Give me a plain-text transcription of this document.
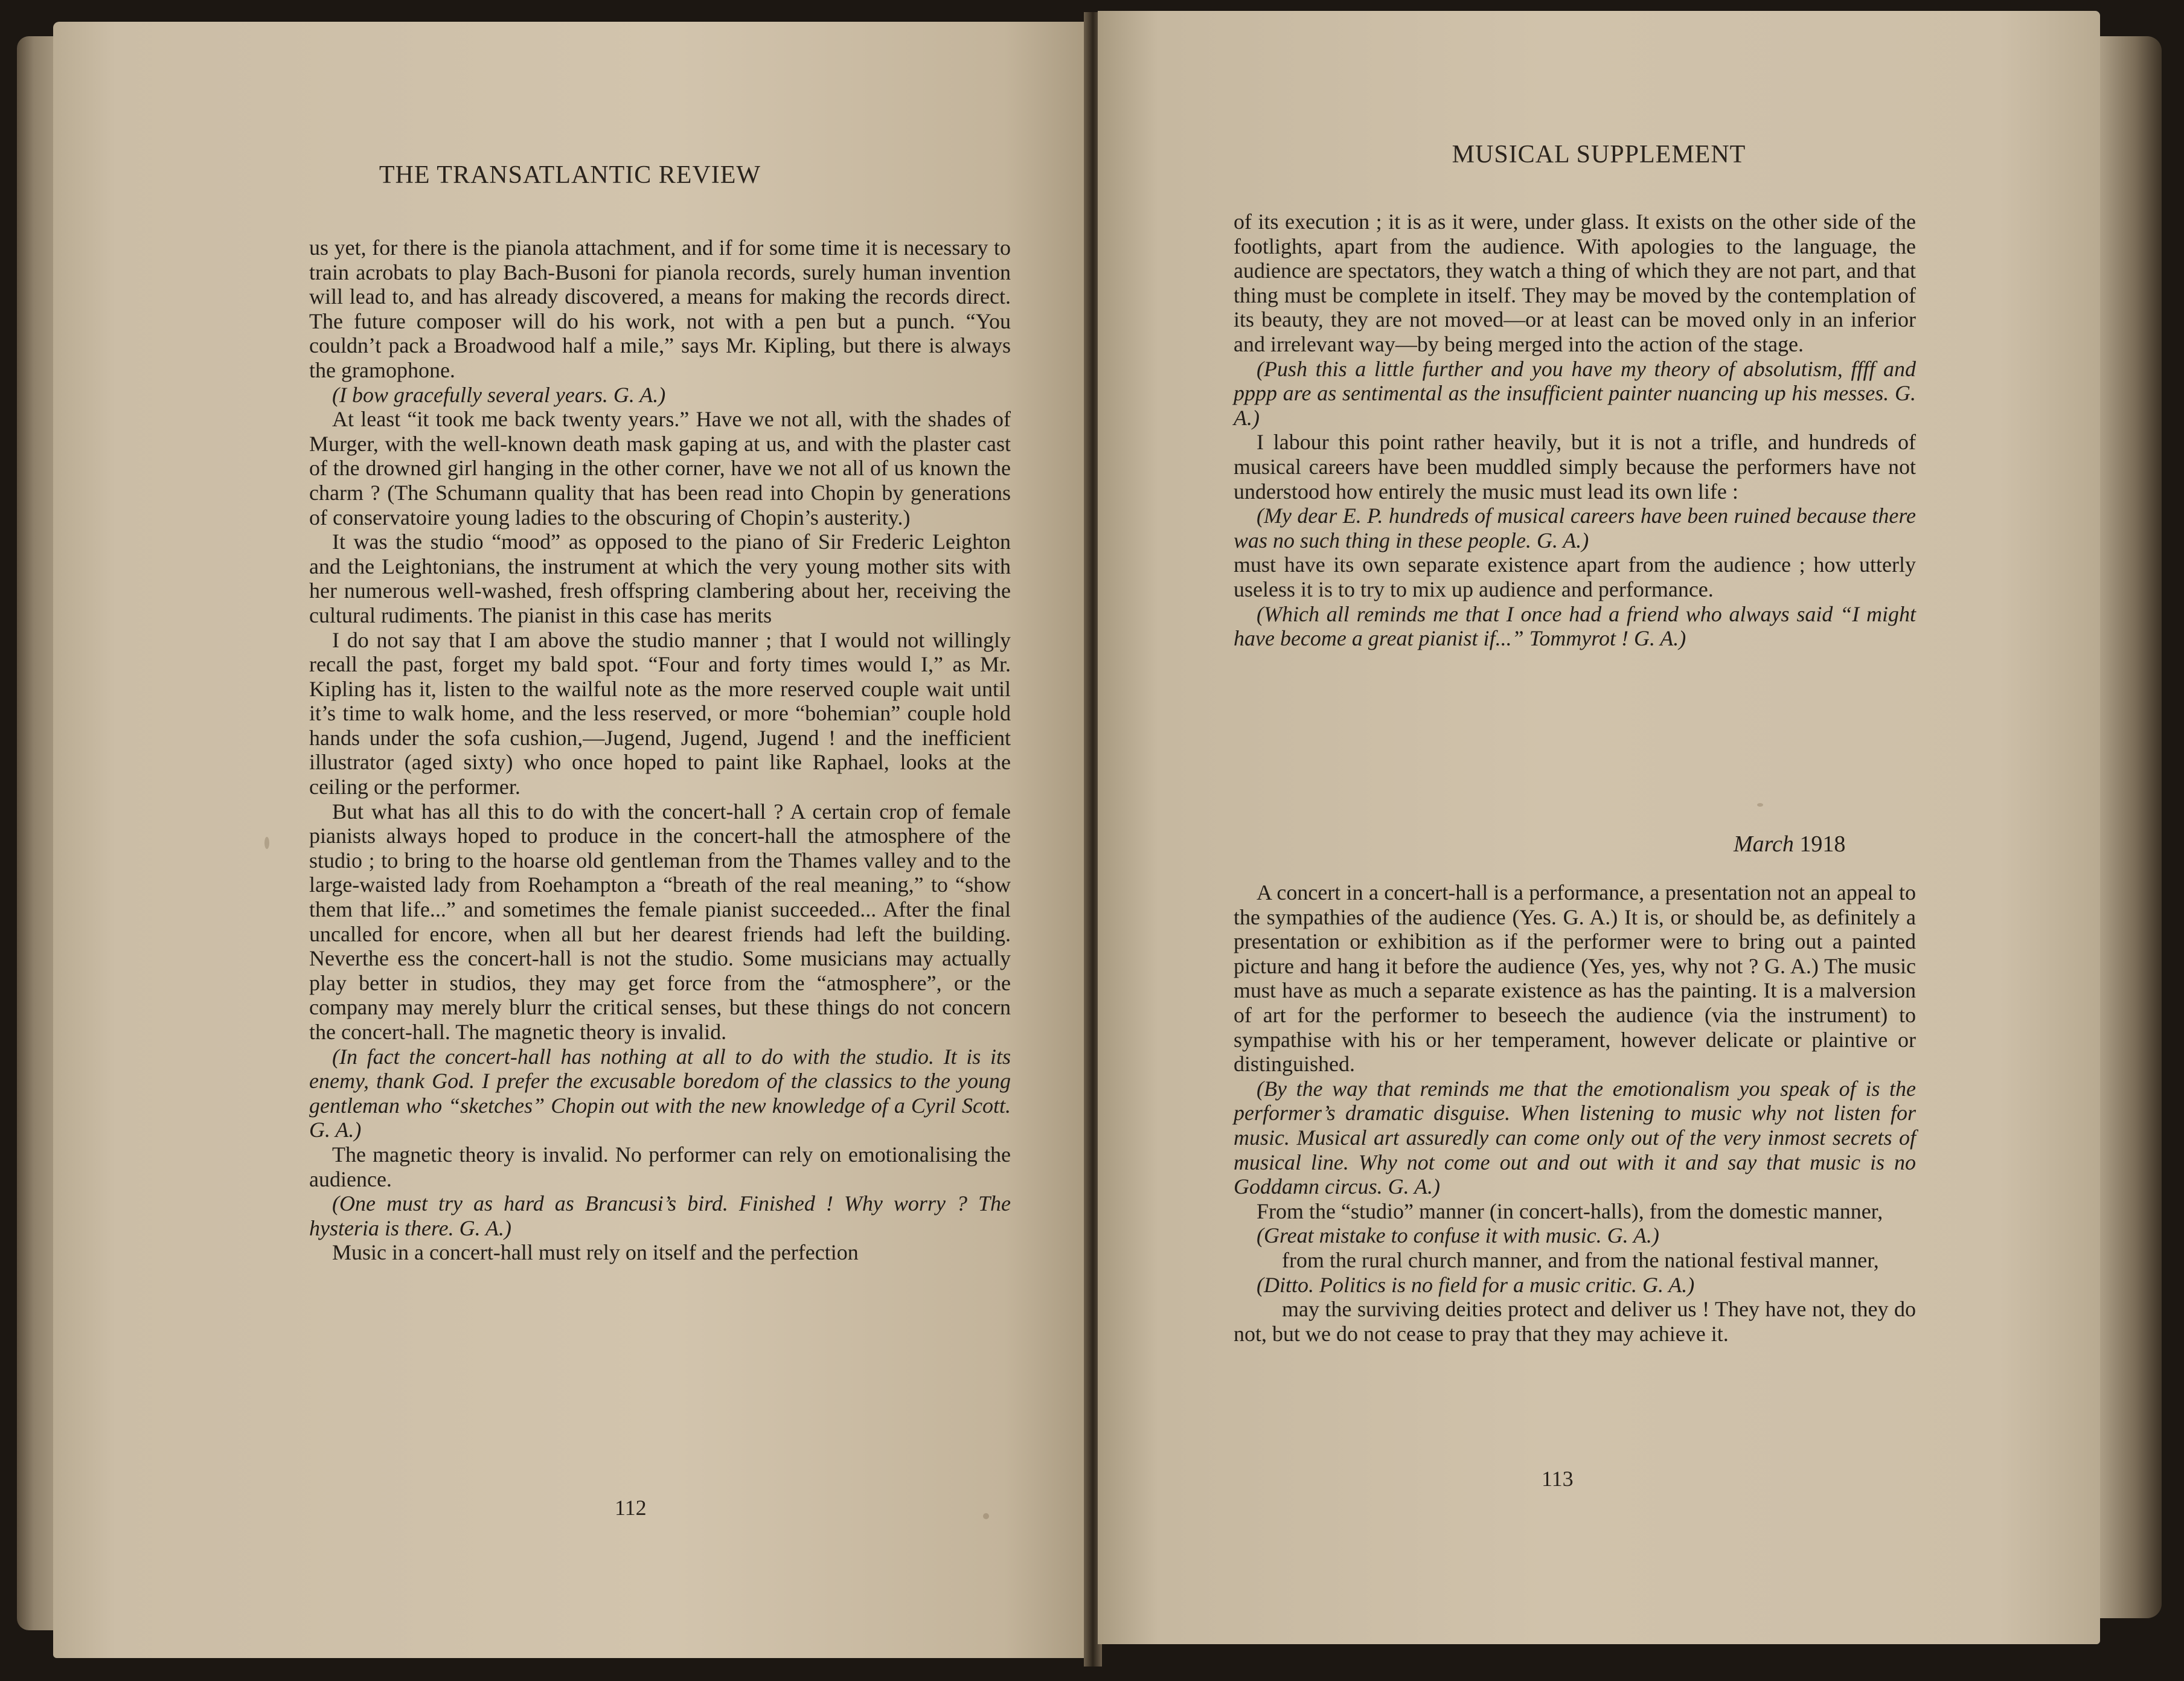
THE TRANSATLANTIC REVIEW

us yet, for there is the pianola attachment, and if for some time it is necessary to train acrobats to play Bach-Busoni for pianola records, surely human invention will lead to, and has already discovered, a means for making the records direct. The future composer will do his work, not with a pen but a punch. “You couldn’t pack a Broadwood half a mile,” says Mr. Kipling, but there is always the gramophone.

(I bow gracefully several years. G. A.)

At least “it took me back twenty years.” Have we not all, with the shades of Murger, with the well-known death mask gaping at us, and with the plaster cast of the drowned girl hanging in the other corner, have we not all of us known the charm ? (The Schumann quality that has been read into Chopin by generations of conservatoire young ladies to the obscuring of Chopin’s austerity.)

It was the studio “mood” as opposed to the piano of Sir Frederic Leighton and the Leightonians, the instrument at which the very young mother sits with her numerous well-washed, fresh offspring clambering about her, receiving the cultural rudiments. The pianist in this case has merits

I do not say that I am above the studio manner ; that I would not willingly recall the past, forget my bald spot. “Four and forty times would I,” as Mr. Kipling has it, listen to the wailful note as the more reserved couple wait until it’s time to walk home, and the less reserved, or more “bohemian” couple hold hands under the sofa cushion,—Jugend, Jugend, Jugend ! and the inefficient illustrator (aged sixty) who once hoped to paint like Raphael, looks at the ceiling or the performer.

But what has all this to do with the concert-hall ? A certain crop of female pianists always hoped to produce in the concert-hall the atmosphere of the studio ; to bring to the hoarse old gentleman from the Thames valley and to the large-waisted lady from Roehampton a “breath of the real meaning,” to “show them that life...” and sometimes the female pianist succeeded... After the final uncalled for encore, when all but her dearest friends had left the building. Neverthe ess the concert-hall is not the studio. Some musicians may actually play better in studios, they may get force from the “atmosphere”, or the company may merely blurr the critical senses, but these things do not concern the concert-hall. The magnetic theory is invalid.

(In fact the concert-hall has nothing at all to do with the studio. It is its enemy, thank God. I prefer the excusable boredom of the classics to the young gentleman who “sketches” Chopin out with the new knowledge of a Cyril Scott. G. A.)

The magnetic theory is invalid. No performer can rely on emotionalising the audience.

(One must try as hard as Brancusi’s bird. Finished ! Why worry ? The hysteria is there. G. A.)

Music in a concert-hall must rely on itself and the perfection

112
MUSICAL SUPPLEMENT

of its execution ; it is as it were, under glass. It exists on the other side of the footlights, apart from the audience. With apologies to the language, the audience are spectators, they watch a thing of which they are not part, and that thing must be complete in itself. They may be moved by the contemplation of its beauty, they are not moved—or at least can be moved only in an inferior and irrelevant way—by being merged into the action of the stage.

(Push this a little further and you have my theory of absolutism, ffff and pppp are as sentimental as the insufficient painter nuancing up his messes. G. A.)

I labour this point rather heavily, but it is not a trifle, and hundreds of musical careers have been muddled simply because the performers have not understood how entirely the music must lead its own life :

(My dear E. P. hundreds of musical careers have been ruined because there was no such thing in these people. G. A.)

must have its own separate existence apart from the audience ; how utterly useless it is to try to mix up audience and performance.

(Which all reminds me that I once had a friend who always said “I might have become a great pianist if...” Tommyrot ! G. A.)

March 1918

A concert in a concert-hall is a performance, a presentation not an appeal to the sympathies of the audience (Yes. G. A.) It is, or should be, as definitely a presentation or exhibition as if the performer were to bring out a painted picture and hang it before the audience (Yes, yes, why not ? G. A.) The music must have as much a separate existence as has the painting. It is a malversion of art for the performer to beseech the audience (via the instrument) to sympathise with his or her temperament, however delicate or plaintive or distinguished.

(By the way that reminds me that the emotionalism you speak of is the performer’s dramatic disguise. When listening to music why not listen for music. Musical art assuredly can come only out of the very inmost secrets of musical line. Why not come out and out with it and say that music is no Goddamn circus. G. A.)

From the “studio” manner (in concert-halls), from the domestic manner,

(Great mistake to confuse it with music. G. A.)

from the rural church manner, and from the national festival manner,

(Ditto. Politics is no field for a music critic. G. A.)

may the surviving deities protect and deliver us ! They have not, they do not, but we do not cease to pray that they may achieve it.

113
